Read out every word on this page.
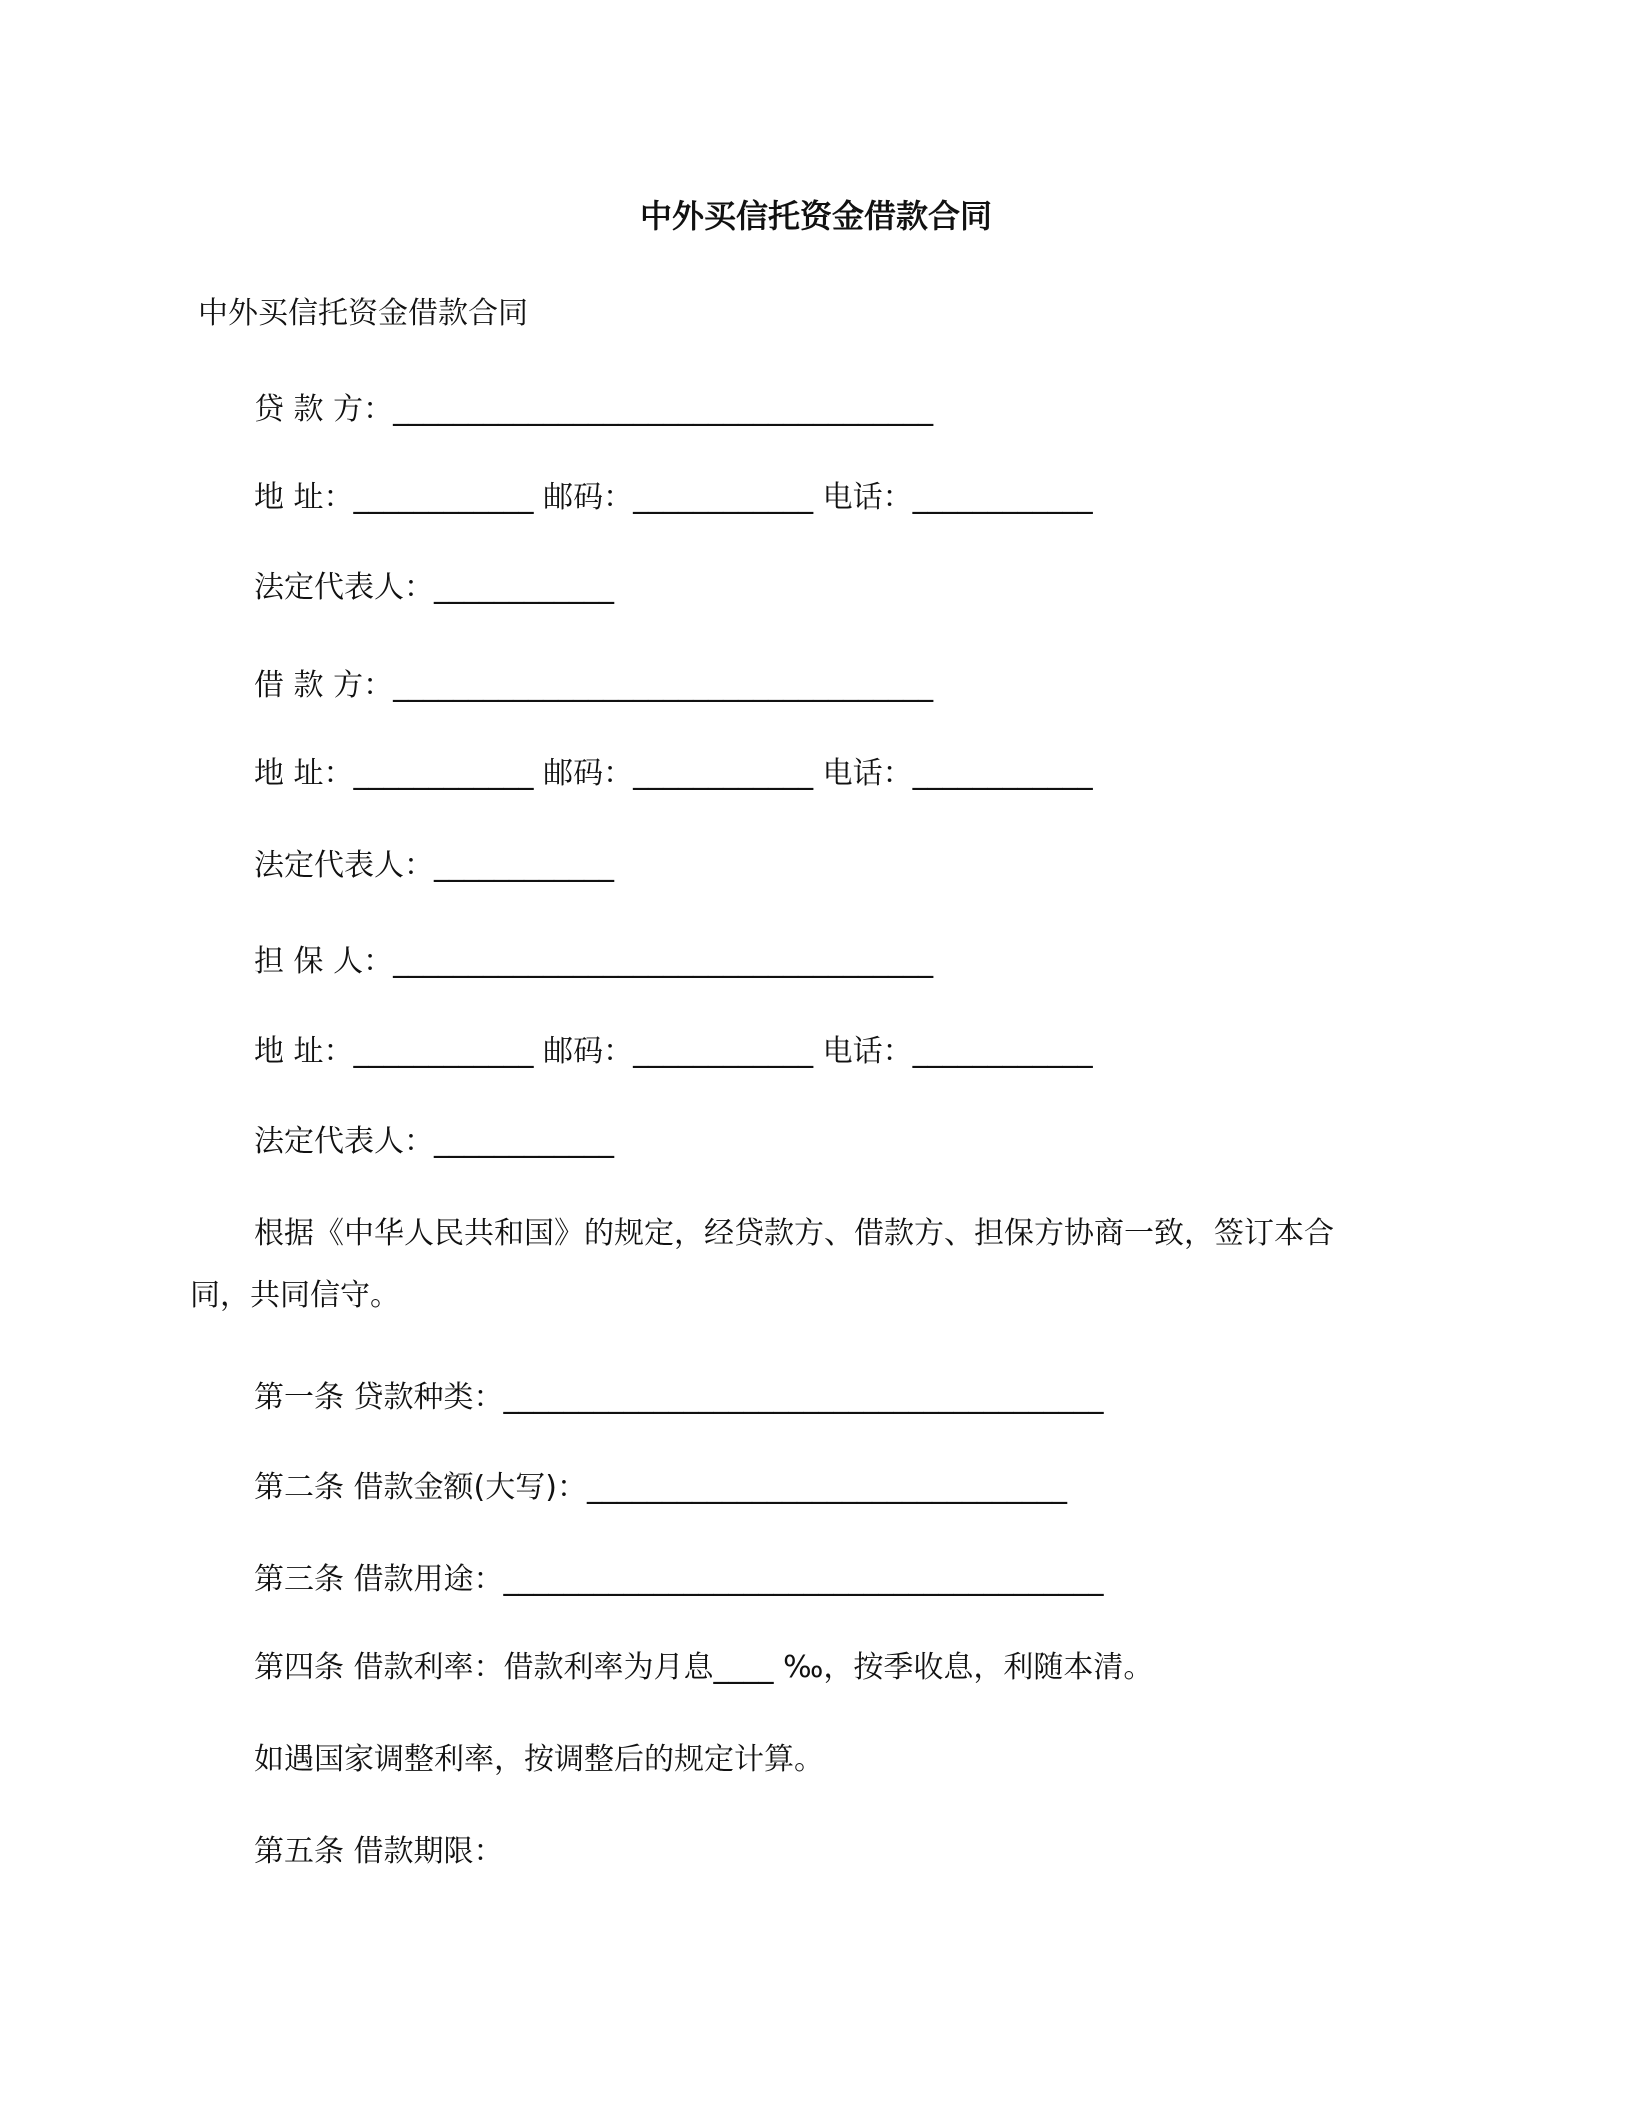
中外买信托资金借款合同

中外买信托资金借款合同

贷 款 方：____________________________________

地 址：____________ 邮码：____________ 电话：____________

法定代表人：____________

借 款 方：____________________________________

地 址：____________ 邮码：____________ 电话：____________

法定代表人：____________

担 保 人：____________________________________

地 址：____________ 邮码：____________ 电话：____________

法定代表人：____________

根据《中华人民共和国》的规定，经贷款方、借款方、担保方协商一致，签订本合

同，共同信守。

第一条 贷款种类：________________________________________

第二条 借款金额(大写)：________________________________

第三条 借款用途：________________________________________

第四条 借款利率：借款利率为月息____ ‰，按季收息，利随本清。

如遇国家调整利率，按调整后的规定计算。

第五条 借款期限：
